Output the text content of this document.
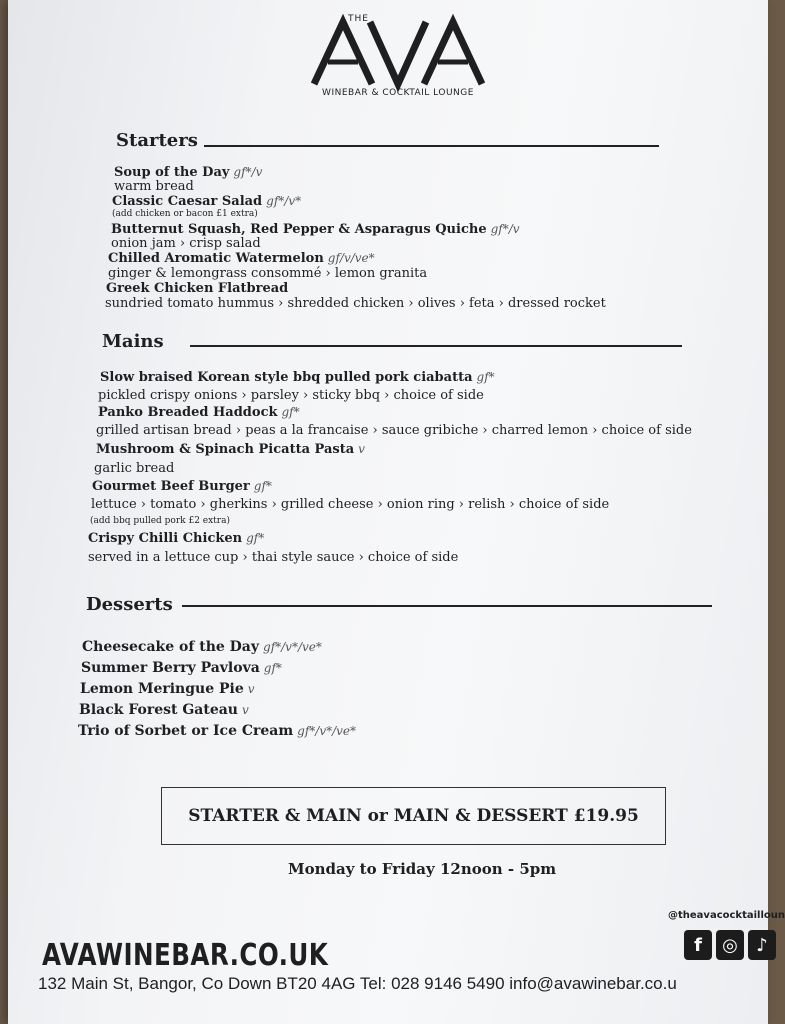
THE
WINEBAR & COCKTAIL LOUNGE
Starters
Soup of the Day gf*/v
warm bread
Classic Caesar Salad gf*/v*
(add chicken or bacon £1 extra)
Butternut Squash, Red Pepper & Asparagus Quiche gf*/v
onion jam › crisp salad
Chilled Aromatic Watermelon gf/v/ve*
ginger & lemongrass consommé › lemon granita
Greek Chicken Flatbread
sundried tomato hummus › shredded chicken › olives › feta › dressed rocket
Mains
Slow braised Korean style bbq pulled pork ciabatta gf*
pickled crispy onions › parsley › sticky bbq › choice of side
Panko Breaded Haddock gf*
grilled artisan bread › peas a la francaise › sauce gribiche › charred lemon › choice of side
Mushroom & Spinach Picatta Pasta v
garlic bread
Gourmet Beef Burger gf*
lettuce › tomato › gherkins › grilled cheese › onion ring › relish › choice of side
(add bbq pulled pork £2 extra)
Crispy Chilli Chicken gf*
served in a lettuce cup › thai style sauce › choice of side
Desserts
Cheesecake of the Day gf*/v*/ve*
Summer Berry Pavlova gf*
Lemon Meringue Pie v
Black Forest Gateau v
Trio of Sorbet or Ice Cream gf*/v*/ve*
STARTER & MAIN or MAIN & DESSERT £19.95
Monday to Friday 12noon - 5pm
@theavacocktailloun
f	◎	♪
AVAWINEBAR.CO.UK
132 Main St, Bangor, Co Down BT20 4AG Tel: 028 9146 5490 info@avawinebar.co.u
